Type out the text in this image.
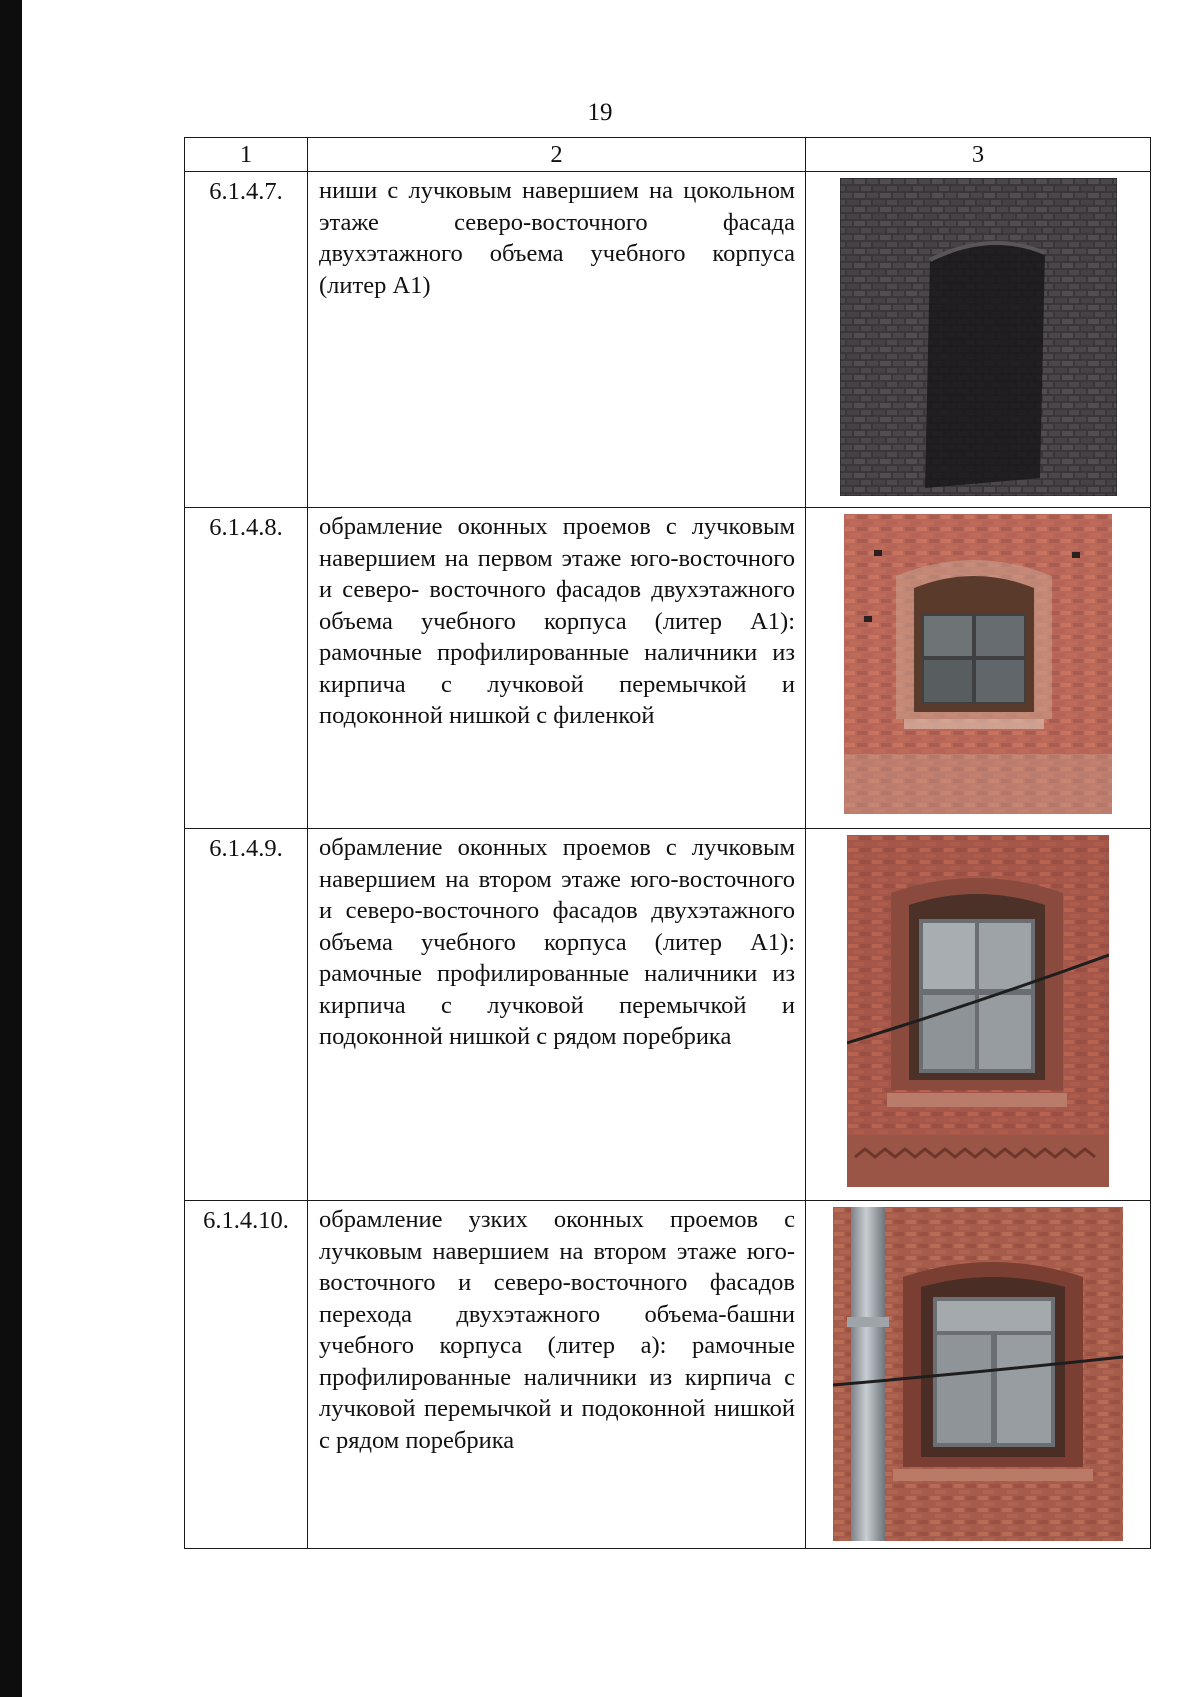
19
1	2	3
6.1.4.7.	ниши с лучковым навершием на цокольном этаже северо-восточного фасада двухэтажного объема учебного корпуса (литер А1)	

6.1.4.8.	обрамление оконных проемов с лучковым навершием на первом этаже юго-восточного и северо- восточного фасадов двухэтажного объема учебного корпуса (литер А1): рамочные профилированные наличники из кирпича с лучковой перемычкой и подоконной нишкой с филенкой	

6.1.4.9.	обрамление оконных проемов с лучковым навершием на втором этаже юго-восточного и северо-восточного фасадов двухэтажного объема учебного корпуса (литер А1): рамочные профилированные наличники из кирпича с лучковой перемычкой и подоконной нишкой с рядом поребрика	

6.1.4.10.	обрамление узких оконных проемов с лучковым навершием на втором этаже юго-восточного и северо-восточного фасадов перехода двухэтажного объема-башни учебного корпуса (литер а): рамочные профилированные наличники из кирпича с лучковой перемычкой и подоконной нишкой с рядом поребрика	
